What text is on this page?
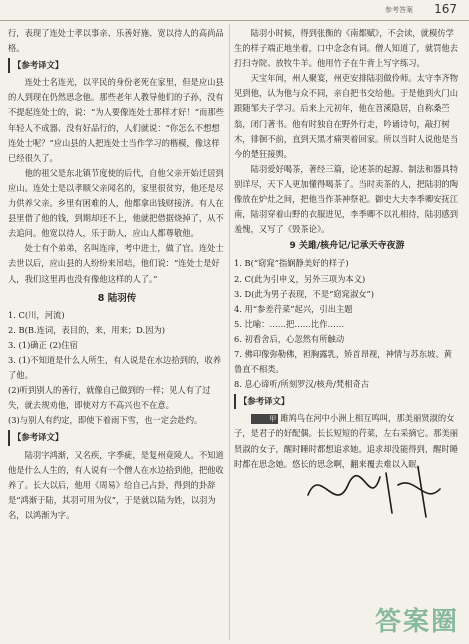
参考答案 167

行，表现了连处士孝以事亲、乐善好施、宽以待人的高尚品格。

【参考译文】

连处士名连光，以平民的身份老死在家里，但是应山县的人到现在仍然思念他。那些老年人教导他们的子孙，没有不提起连处士的，说：“为人要像连处士那样才好！”而那些年轻人不成器、没有好品行的，人们就说：“你怎么不想想连处士呢？”应山县的人把连处士当作学习的楷模，像这样已经很久了。

他的祖父是东北镇节度使的后代，自他父亲开始迁居到应山。连处士是以孝顺父亲闻名的，家里很贫穷，他还是尽力供养父亲。乡里有困难的人，他都拿出钱财接济。有人在县里借了他的钱，到期却还不上，他就把借据烧掉了，从不去追问。他宽以待人，乐于助人，应山人都尊敬他。

处士有个弟弟，名叫连庠，考中进士，做了官。连处士去世以后，应山县的人纷纷来吊唁，他们说：“连处士是好人，我们这里再也没有像他这样的人了。”

8 陆羽传

1. C(川，河流)

2. B(B.连词，表目的，来，用来；D.因为)

3. (1)确正 (2)住宿

3. (1)不知道是什么人所生，有人说是在水边拾到的，收养了他。

(2)听到别人的善行，就像自己做到的一样；见人有了过失，就去规劝他，即使对方不高兴也不在意。

(3)与别人有约定，即使下着雨下雪，也一定会赴约。

【参考译文】

陆羽字鸿渐，又名疾，字季疵，是复州竟陵人。不知道他是什么人生的，有人说有一个僧人在水边拾到他，把他收养了。长大以后，他用《周易》给自己占卦，得到的卦辞是“鸿渐于陆，其羽可用为仪”，于是就以陆为姓，以羽为名，以鸿渐为字。

陆羽小时候，得到张衡的《南都赋》，不会读，就模仿学生的样子端正地坐着，口中念念有词。僧人知道了，就罚他去打扫寺院、放牧牛羊。他用竹子在牛背上写字练习。

天宝年间，州人聚宴，州吏安排陆羽做伶师。太守李齐物见到他，认为他与众不同，亲自把书交给他。于是他到火门山跟随邹夫子学习。后来上元初年，他在苕溪隐居，自称桑苎翁，闭门著书。他有时独自在野外行走，吟诵诗句，敲打树木，徘徊不前，直到天黑才痛哭着回家。所以当时人说他是当今的楚狂接舆。

陆羽爱好喝茶，著经三篇，论述茶的起源、制法和器具特别详尽，天下人更加懂得喝茶了。当时卖茶的人，把陆羽的陶像放在炉灶之间，把他当作茶神祭祀。御史大夫李季卿安抚江南，陆羽穿着山野的衣服进见，李季卿不以礼相待，陆羽感到羞愧，又写了《毁茶论》。

9 关雎/核舟记/记承天寺夜游

1. B(“窈窕”指娴静美好的样子)

2. C(此为引申义，另外三项为本义)

3. D(此为男子表现，不是“窈窕淑女”)

4. 用“参差荇菜”起兴，引出主题

5. 比喻：……把……比作……

6. 初看舍后，心忽然有所触动

7. 佛印像弥勒佛，袒胸露乳，矫首昂视，神情与苏东坡、黄鲁直不相类。

8. 息心谛听/所刻罗汉/核舟/梵相奇古

【参考译文】

甲 雎鸠鸟在河中小洲上相互鸣叫，那美丽贤淑的女子，是君子的好配偶。长长短短的荇菜，左右采摘它。那美丽贤淑的女子，醒时睡时都想追求她。追求却没能得到，醒时睡时都在思念她。悠长的思念啊，翻来覆去难以入眠。

答案圈
